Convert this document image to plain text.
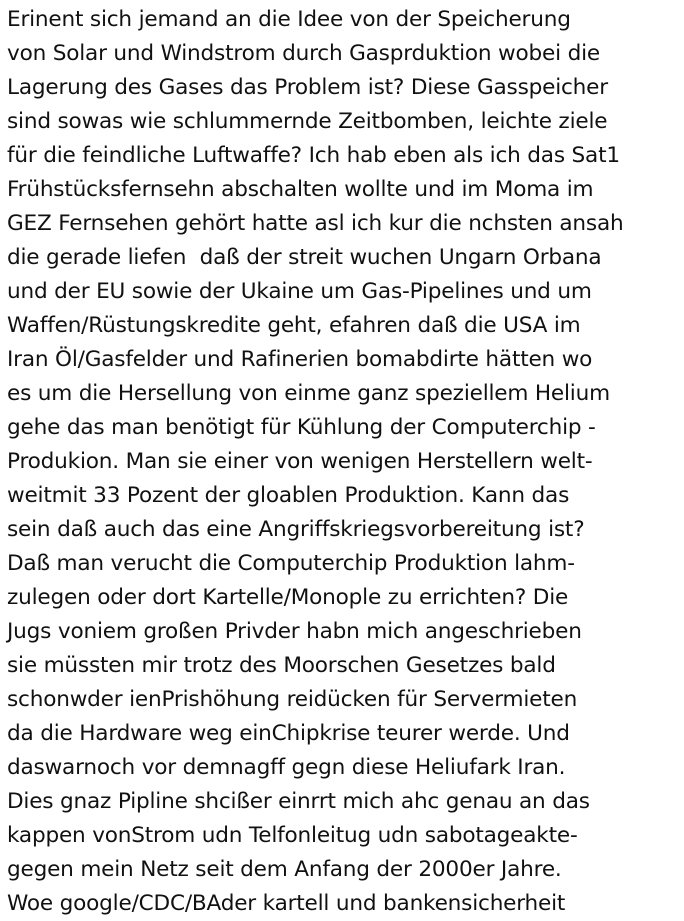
Erinent sich jemand an die Idee von der Speicherung
von Solar und Windstrom durch Gasprduktion wobei die
Lagerung des Gases das Problem ist? Diese Gasspeicher
sind sowas wie schlummernde Zeitbomben, leichte ziele
für die feindliche Luftwaffe? Ich hab eben als ich das Sat1
Frühstücksfernsehn abschalten wollte und im Moma im
GEZ Fernsehen gehört hatte asl ich kur die nchsten ansah
die gerade liefen  daß der streit wuchen Ungarn Orbana
und der EU sowie der Ukaine um Gas-Pipelines und um
Waffen/Rüstungskredite geht, efahren daß die USA im
Iran Öl/Gasfelder und Rafinerien bomabdirte hätten wo
es um die Hersellung von einme ganz speziellem Helium
gehe das man benötigt für Kühlung der Computerchip -
Produkion. Man sie einer von wenigen Herstellern welt-
weitmit 33 Pozent der gloablen Produktion. Kann das
sein daß auch das eine Angriffskriegsvorbereitung ist?
Daß man verucht die Computerchip Produktion lahm-
zulegen oder dort Kartelle/Monople zu errichten? Die
Jugs voniem großen Privder habn mich angeschrieben
sie müssten mir trotz des Moorschen Gesetzes bald
schonwder ienPrishöhung reidücken für Servermieten
da die Hardware weg einChipkrise teurer werde. Und
daswarnoch vor demnagff gegn diese Heliufark Iran.
Dies gnaz Pipline shcißer einrrt mich ahc genau an das
kappen vonStrom udn Telfonleitug udn sabotageakte-
gegen mein Netz seit dem Anfang der 2000er Jahre.
Woe google/CDC/BAder kartell und bankensicherheit
